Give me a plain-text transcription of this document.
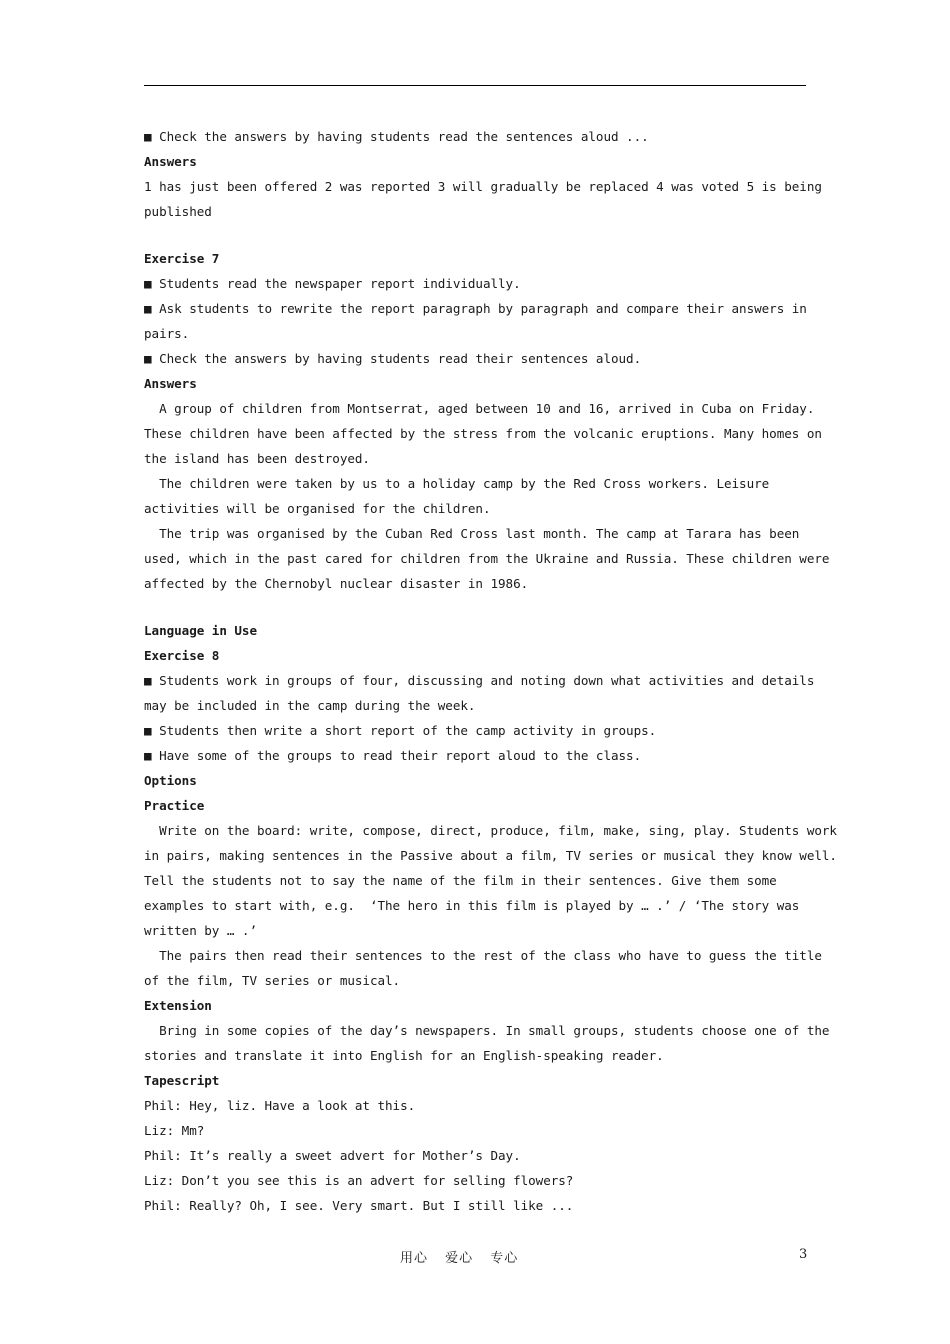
■ Check the answers by having students read the sentences aloud ...
Answers
1 has just been offered 2 was reported 3 will gradually be replaced 4 was voted 5 is being
published
Exercise 7
■ Students read the newspaper report individually.
■ Ask students to rewrite the report paragraph by paragraph and compare their answers in
pairs.
■ Check the answers by having students read their sentences aloud.
Answers
A group of children from Montserrat, aged between 10 and 16, arrived in Cuba on Friday.
These children have been affected by the stress from the volcanic eruptions. Many homes on
the island has been destroyed.
The children were taken by us to a holiday camp by the Red Cross workers. Leisure
activities will be organised for the children.
The trip was organised by the Cuban Red Cross last month. The camp at Tarara has been
used, which in the past cared for children from the Ukraine and Russia. These children were
affected by the Chernobyl nuclear disaster in 1986.
Language in Use
Exercise 8
■ Students work in groups of four, discussing and noting down what activities and details
may be included in the camp during the week.
■ Students then write a short report of the camp activity in groups.
■ Have some of the groups to read their report aloud to the class.
Options
Practice
Write on the board: write, compose, direct, produce, film, make, sing, play. Students work
in pairs, making sentences in the Passive about a film, TV series or musical they know well.
Tell the students not to say the name of the film in their sentences. Give them some
examples to start with, e.g.  ‘The hero in this film is played by … .’ / ‘The story was
written by … .’
The pairs then read their sentences to the rest of the class who have to guess the title
of the film, TV series or musical.
Extension
Bring in some copies of the day’s newspapers. In small groups, students choose one of the
stories and translate it into English for an English-speaking reader.
Tapescript
Phil: Hey, liz. Have a look at this.
Liz: Mm?
Phil: It’s really a sweet advert for Mother’s Day.
Liz: Don’t you see this is an advert for selling flowers?
Phil: Really? Oh, I see. Very smart. But I still like ...
用心 爱心 专心	3
